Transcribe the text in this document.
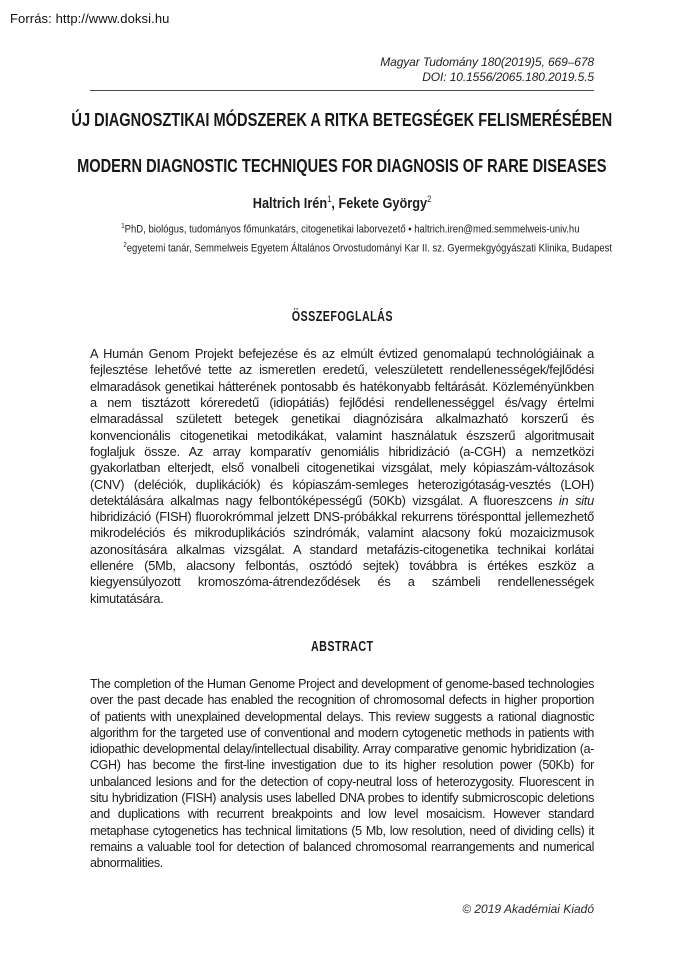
Forrás: http://www.doksi.hu
Magyar Tudomány 180(2019)5, 669–678
DOI: 10.1556/2065.180.2019.5.5
ÚJ DIAGNOSZTIKAI MÓDSZEREK A RITKA BETEGSÉGEK FELISMERÉSÉBEN
MODERN DIAGNOSTIC TECHNIQUES FOR DIAGNOSIS OF RARE DISEASES
Haltrich Irén$^1$, Fekete György$^2$
$^1$PhD, biológus, tudományos főmunkatárs, citogenetikai laborvezető • haltrich.iren@med.semmelweis-univ.hu
$^2$egyetemi tanár, Semmelweis Egyetem Általános Orvostudományi Kar II. sz. Gyermekgyógyászati Klinika, Budapest
ÖSSZEFOGLALÁS

A Humán Genom Projekt befejezése és az elmúlt évtized genomalapú technológiáinak a fejlesztése lehetővé tette az ismeretlen eredetű, veleszületett rendellenességek/fejlődési elmaradások genetikai hátterének pontosabb és hatékonyabb feltárását. Közleményünkben a nem tisztázott kóreredetű (idiopátiás) fejlődési rendellenességgel és/vagy értelmi elmaradással született betegek genetikai diagnózisára alkalmazható korszerű és konvencionális citogenetikai metodikákat, valamint használatuk észszerű algoritmusait foglaljuk össze. Az array komparatív genomiális hibridizáció (a-CGH) a nemzetközi gyakorlatban elterjedt, első vonalbeli citogenetikai vizsgálat, mely kópiaszám-változások (CNV) (deléciók, duplikációk) és kópiaszám-semleges heterozigótaság-vesztés (LOH) detektálására alkalmas nagy felbontóképességű (50Kb) vizsgálat. A fluoreszcens in situ hibridizáció (FISH) fluorokrómmal jelzett DNS-próbákkal rekurrens törésponttal jellemezhető mikrodeléciós és mikroduplikációs szindrómák, valamint alacsony fokú mozaicizmusok azonosítására alkalmas vizsgálat. A standard metafázis-citogenetika technikai korlátai ellenére (5Mb, alacsony felbontás, osztódó sejtek) továbbra is értékes eszköz a kiegyensúlyozott kromoszóma-átrendeződések és a számbeli rendellenességek kimutatására.

ABSTRACT

The completion of the Human Genome Project and development of genome-based technologies over the past decade has enabled the recognition of chromosomal defects in higher proportion of patients with unexplained developmental delays. This review suggests a rational diagnostic algorithm for the targeted use of conventional and modern cytogenetic methods in patients with idiopathic developmental delay/intellectual disability. Array comparative genomic hybridization (a-CGH) has become the first-line investigation due to its higher resolution power (50Kb) for unbalanced lesions and for the detection of copy-neutral loss of heterozygosity. Fluorescent in situ hybridization (FISH) analysis uses labelled DNA probes to identify submicroscopic deletions and duplications with recurrent breakpoints and low level mosaicism. However standard metaphase cytogenetics has technical limitations (5 Mb, low resolution, need of dividing cells) it remains a valuable tool for detection of balanced chromosomal rearrangements and numerical abnormalities.

© 2019 Akadémiai Kiadó
